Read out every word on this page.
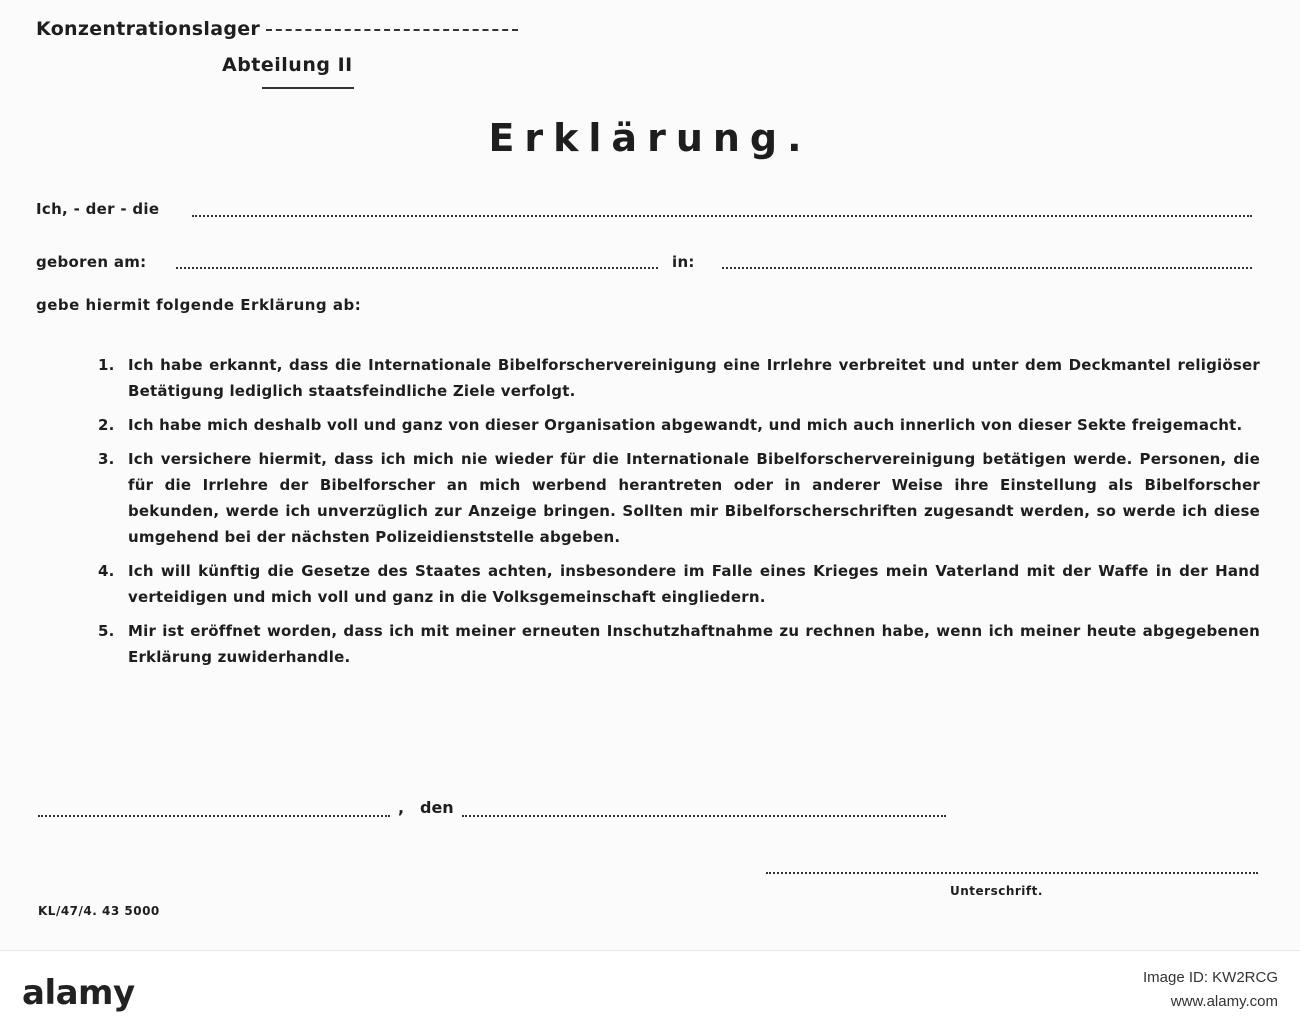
Konzentrationslager
Abteilung II
Erklärung.
Ich, - der - die
geboren am:	in:
gebe hiermit folgende Erklärung ab:
1. Ich habe erkannt, dass die Internationale Bibelforschervereinigung eine Irrlehre verbreitet und unter dem Deckmantel religiöser Betätigung lediglich staatsfeindliche Ziele verfolgt.
2. Ich habe mich deshalb voll und ganz von dieser Organisation abgewandt, und mich auch innerlich von dieser Sekte freigemacht.
3. Ich versichere hiermit, dass ich mich nie wieder für die Internationale Bibelforschervereinigung betätigen werde. Personen, die für die Irrlehre der Bibelforscher an mich werbend herantreten oder in anderer Weise ihre Einstellung als Bibelforscher bekunden, werde ich unverzüglich zur Anzeige bringen. Sollten mir Bibelforscherschriften zugesandt werden, so werde ich diese umgehend bei der nächsten Polizeidienststelle abgeben.
4. Ich will künftig die Gesetze des Staates achten, insbesondere im Falle eines Krieges mein Vaterland mit der Waffe in der Hand verteidigen und mich voll und ganz in die Volksgemeinschaft eingliedern.
5. Mir ist eröffnet worden, dass ich mit meiner erneuten Inschutzhaftnahme zu rechnen habe, wenn ich meiner heute abgegebenen Erklärung zuwiderhandle.
, den
Unterschrift.
KL/47/4. 43 5000
alamy	Image ID: KW2RCG
www.alamy.com
